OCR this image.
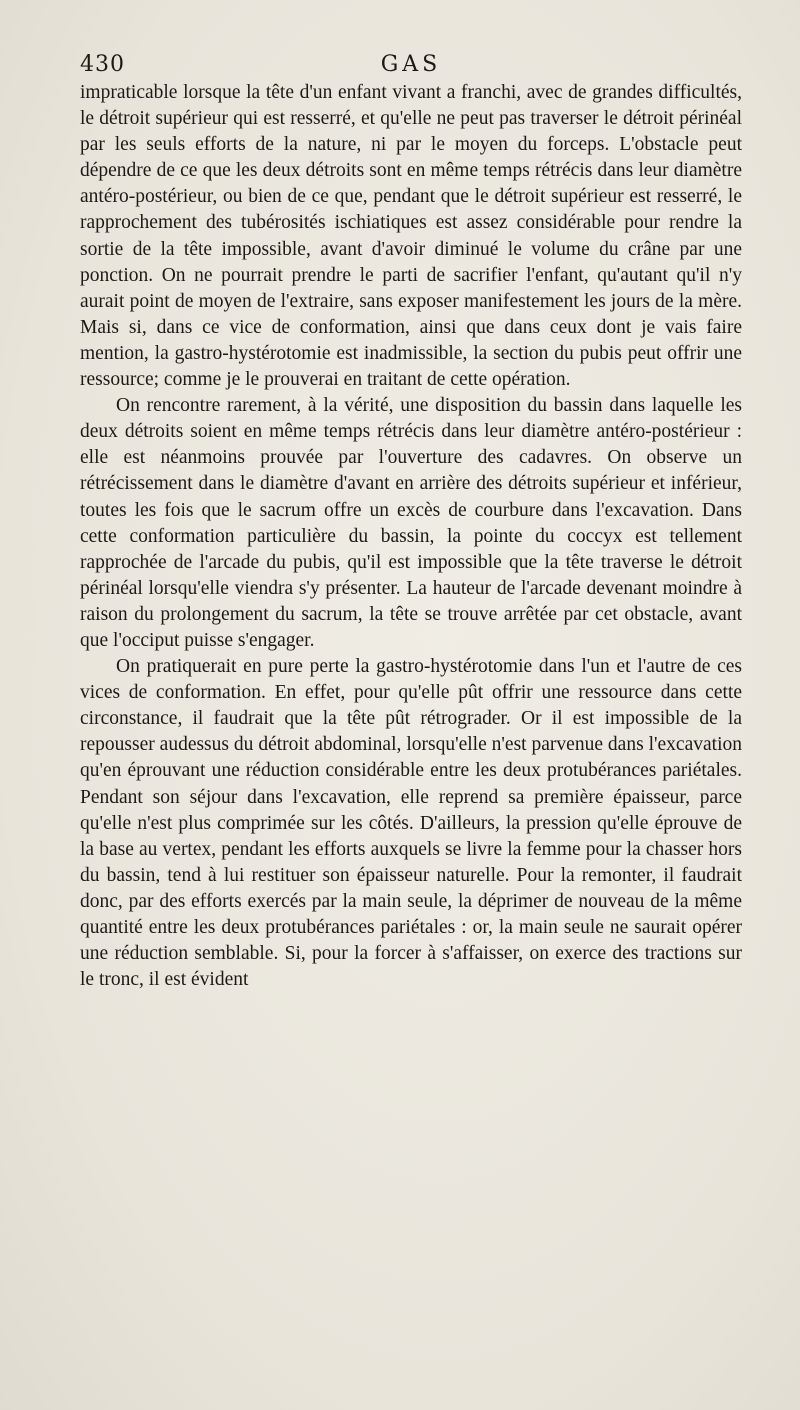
430	GAS

impraticable lorsque la tête d'un enfant vivant a franchi, avec de grandes difficultés, le détroit supérieur qui est resserré, et qu'elle ne peut pas traverser le détroit périnéal par les seuls efforts de la nature, ni par le moyen du forceps. L'obstacle peut dépendre de ce que les deux détroits sont en même temps rétrécis dans leur diamètre antéro-postérieur, ou bien de ce que, pendant que le détroit supérieur est resserré, le rapprochement des tubérosités ischiatiques est assez considérable pour rendre la sortie de la tête impossible, avant d'avoir diminué le volume du crâne par une ponction. On ne pourrait prendre le parti de sacrifier l'enfant, qu'autant qu'il n'y aurait point de moyen de l'extraire, sans exposer manifestement les jours de la mère. Mais si, dans ce vice de conformation, ainsi que dans ceux dont je vais faire mention, la gastro-hystérotomie est inadmissible, la section du pubis peut offrir une ressource; comme je le prouverai en traitant de cette opération.

On rencontre rarement, à la vérité, une disposition du bassin dans laquelle les deux détroits soient en même temps rétrécis dans leur diamètre antéro-postérieur : elle est néanmoins prouvée par l'ouverture des cadavres. On observe un rétrécissement dans le diamètre d'avant en arrière des détroits supérieur et inférieur, toutes les fois que le sacrum offre un excès de courbure dans l'excavation. Dans cette conformation particulière du bassin, la pointe du coccyx est tellement rapprochée de l'arcade du pubis, qu'il est impossible que la tête traverse le détroit périnéal lorsqu'elle viendra s'y présenter. La hauteur de l'arcade devenant moindre à raison du prolongement du sacrum, la tête se trouve arrêtée par cet obstacle, avant que l'occiput puisse s'engager.

On pratiquerait en pure perte la gastro-hystérotomie dans l'un et l'autre de ces vices de conformation. En effet, pour qu'elle pût offrir une ressource dans cette circonstance, il faudrait que la tête pût rétrograder. Or il est impossible de la repousser audessus du détroit abdominal, lorsqu'elle n'est parvenue dans l'excavation qu'en éprouvant une réduction considérable entre les deux protubérances pariétales. Pendant son séjour dans l'excavation, elle reprend sa première épaisseur, parce qu'elle n'est plus comprimée sur les côtés. D'ailleurs, la pression qu'elle éprouve de la base au vertex, pendant les efforts auxquels se livre la femme pour la chasser hors du bassin, tend à lui restituer son épaisseur naturelle. Pour la remonter, il faudrait donc, par des efforts exercés par la main seule, la déprimer de nouveau de la même quantité entre les deux protubérances pariétales : or, la main seule ne saurait opérer une réduction semblable. Si, pour la forcer à s'affaisser, on exerce des tractions sur le tronc, il est évident
